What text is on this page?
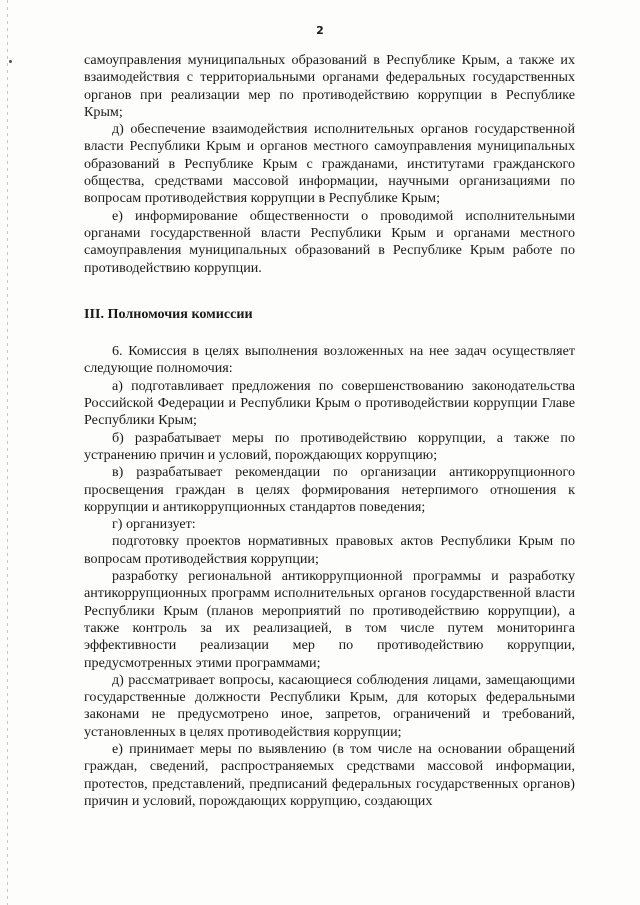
2

самоуправления муниципальных образований в Республике Крым, а также их взаимодействия с территориальными органами федеральных государственных органов при реализации мер по противодействию коррупции в Республике Крым;

д) обеспечение взаимодействия исполнительных органов государственной власти Республики Крым и органов местного самоуправления муниципальных образований в Республике Крым с гражданами, институтами гражданского общества, средствами массовой информации, научными организациями по вопросам противодействия коррупции в Республике Крым;

е) информирование общественности о проводимой исполнительными органами государственной власти Республики Крым и органами местного самоуправления муниципальных образований в Республике Крым работе по противодействию коррупции.

III. Полномочия комиссии

6. Комиссия в целях выполнения возложенных на нее задач осуществляет следующие полномочия:

а) подготавливает предложения по совершенствованию законодательства Российской Федерации и Республики Крым о противодействии коррупции Главе Республики Крым;

б) разрабатывает меры по противодействию коррупции, а также по устранению причин и условий, порождающих коррупцию;

в) разрабатывает рекомендации по организации антикоррупционного просвещения граждан в целях формирования нетерпимого отношения к коррупции и антикоррупционных стандартов поведения;

г) организует:

подготовку проектов нормативных правовых актов Республики Крым по вопросам противодействия коррупции;

разработку региональной антикоррупционной программы и разработку антикоррупционных программ исполнительных органов государственной власти Республики Крым (планов мероприятий по противодействию коррупции), а также контроль за их реализацией, в том числе путем мониторинга эффективности реализации мер по противодействию коррупции, предусмотренных этими программами;

д) рассматривает вопросы, касающиеся соблюдения лицами, замещающими государственные должности Республики Крым, для которых федеральными законами не предусмотрено иное, запретов, ограничений и требований, установленных в целях противодействия коррупции;

е) принимает меры по выявлению (в том числе на основании обращений граждан, сведений, распространяемых средствами массовой информации, протестов, представлений, предписаний федеральных государственных органов) причин и условий, порождающих коррупцию, создающих
